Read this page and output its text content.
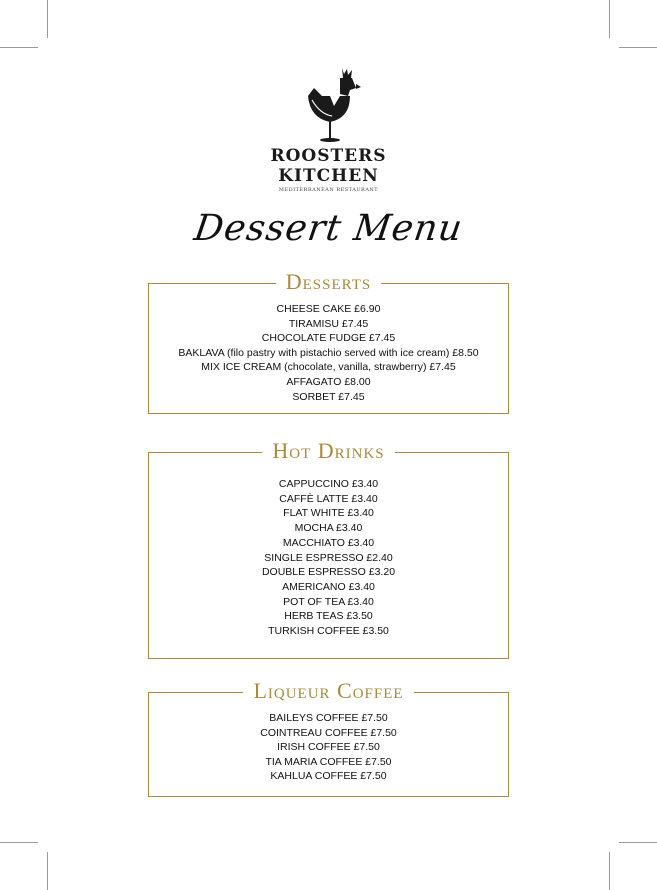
ROOSTERS
KITCHEN
MEDITERRANEAN RESTAURANT
Dessert Menu
Desserts
CHEESE CAKE £6.90
TIRAMISU £7.45
CHOCOLATE FUDGE £7.45
BAKLAVA (filo pastry with pistachio served with ice cream) £8.50
MIX ICE CREAM (chocolate, vanilla, strawberry) £7.45
AFFAGATO £8.00
SORBET £7.45
Hot Drinks
CAPPUCCINO £3.40
CAFFÈ LATTE £3.40
FLAT WHITE £3.40
MOCHA £3.40
MACCHIATO £3.40
SINGLE ESPRESSO £2.40
DOUBLE ESPRESSO £3.20
AMERICANO £3.40
POT OF TEA £3.40
HERB TEAS £3.50
TURKISH COFFEE £3.50
Liqueur Coffee
BAILEYS COFFEE £7.50
COINTREAU COFFEE £7.50
IRISH COFFEE £7.50
TIA MARIA COFFEE £7.50
KAHLUA COFFEE £7.50
